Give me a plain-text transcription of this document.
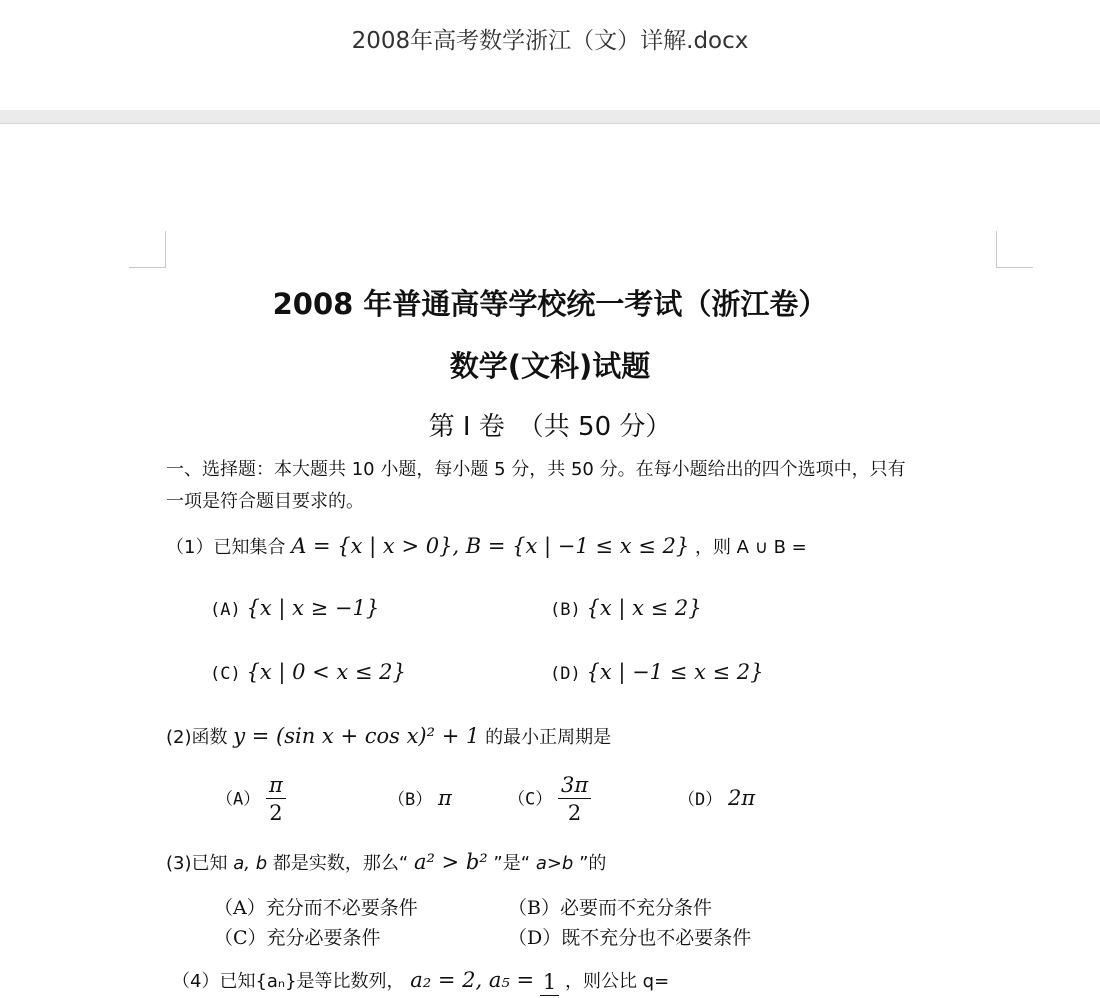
2008年高考数学浙江（文）详解.docx
2008 年普通高等学校统一考试（浙江卷）
数学(文科)试题
第 I 卷　（共 50 分）
一、选择题：本大题共 10 小题，每小题 5 分，共 50 分。在每小题给出的四个选项中，只有
一项是符合题目要求的。
（1）已知集合 A = {x | x > 0}, B = {x | −1 ≤ x ≤ 2} ，则 A ∪ B =
(A) {x | x ≥ −1}	(B) {x | x ≤ 2}
(C) {x | 0 < x ≤ 2}	(D) {x | −1 ≤ x ≤ 2}
(2)函数 y = (sin x + cos x)² + 1 的最小正周期是
$(A) \frac{\pi}{2}$	（B） π	$(C) \frac{3\pi}{2}$	（D） 2π
(3)已知 a, b 都是实数，那么“ a² > b² ”是“ a>b ”的
（A）充分而不必要条件	（B）必要而不充分条件
（C）充分必要条件	（D）既不充分也不必要条件
（4）已知{aₙ}是等比数列， a₂ = 2, a₅ = 1 ，则公比 q=
